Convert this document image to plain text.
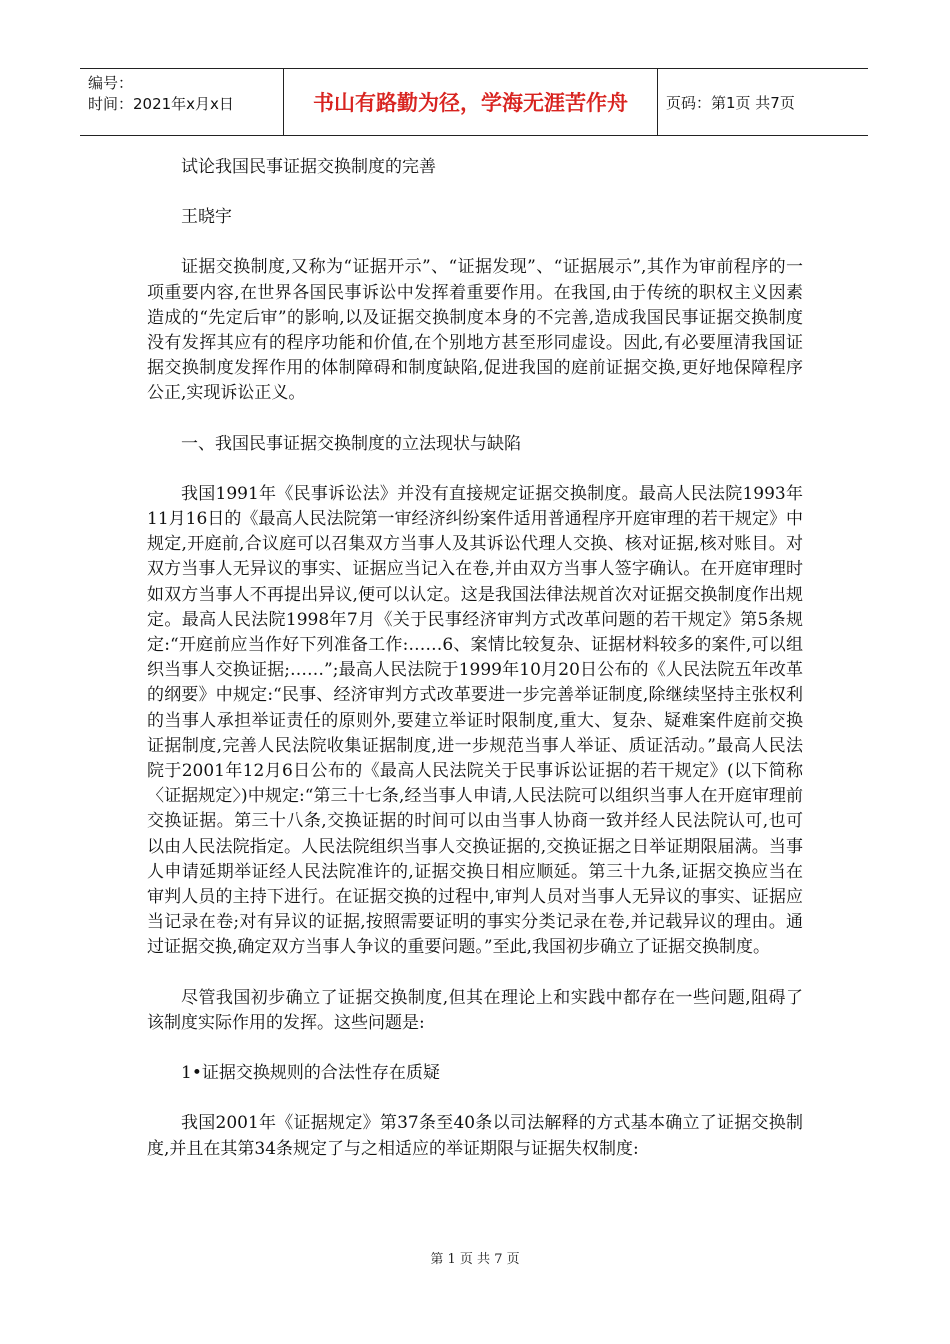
编号：
时间：2021年x月x日	书山有路勤为径，学海无涯苦作舟	页码：第1页 共7页

试论我国民事证据交换制度的完善

王晓宇

证据交换制度,又称为“证据开示”、“证据发现”、“证据展示”,其作为审前程序的一项重要内容,在世界各国民事诉讼中发挥着重要作用。在我国,由于传统的职权主义因素造成的“先定后审”的影响,以及证据交换制度本身的不完善,造成我国民事证据交换制度没有发挥其应有的程序功能和价值,在个别地方甚至形同虚设。因此,有必要厘清我国证据交换制度发挥作用的体制障碍和制度缺陷,促进我国的庭前证据交换,更好地保障程序公正,实现诉讼正义。

一、我国民事证据交换制度的立法现状与缺陷

我国1991年《民事诉讼法》并没有直接规定证据交换制度。最高人民法院1993年11月16日的《最高人民法院第一审经济纠纷案件适用普通程序开庭审理的若干规定》中规定,开庭前,合议庭可以召集双方当事人及其诉讼代理人交换、核对证据,核对账目。对双方当事人无异议的事实、证据应当记入在卷,并由双方当事人签字确认。在开庭审理时如双方当事人不再提出异议,便可以认定。这是我国法律法规首次对证据交换制度作出规定。最高人民法院1998年7月《关于民事经济审判方式改革问题的若干规定》第5条规定:“开庭前应当作好下列准备工作:……6、案情比较复杂、证据材料较多的案件,可以组织当事人交换证据;……”;最高人民法院于1999年10月20日公布的《人民法院五年改革的纲要》中规定:“民事、经济审判方式改革要进一步完善举证制度,除继续坚持主张权利的当事人承担举证责任的原则外,要建立举证时限制度,重大、复杂、疑难案件庭前交换证据制度,完善人民法院收集证据制度,进一步规范当事人举证、质证活动。”最高人民法院于2001年12月6日公布的《最高人民法院关于民事诉讼证据的若干规定》(以下简称〈证据规定〉)中规定:“第三十七条,经当事人申请,人民法院可以组织当事人在开庭审理前交换证据。第三十八条,交换证据的时间可以由当事人协商一致并经人民法院认可,也可以由人民法院指定。人民法院组织当事人交换证据的,交换证据之日举证期限届满。当事人申请延期举证经人民法院准许的,证据交换日相应顺延。第三十九条,证据交换应当在审判人员的主持下进行。在证据交换的过程中,审判人员对当事人无异议的事实、证据应当记录在卷;对有异议的证据,按照需要证明的事实分类记录在卷,并记载异议的理由。通过证据交换,确定双方当事人争议的重要问题。”至此,我国初步确立了证据交换制度。

尽管我国初步确立了证据交换制度,但其在理论上和实践中都存在一些问题,阻碍了该制度实际作用的发挥。这些问题是:

1•证据交换规则的合法性存在质疑

我国2001年《证据规定》第37条至40条以司法解释的方式基本确立了证据交换制度,并且在其第34条规定了与之相适应的举证期限与证据失权制度:

第 1 页 共 7 页
